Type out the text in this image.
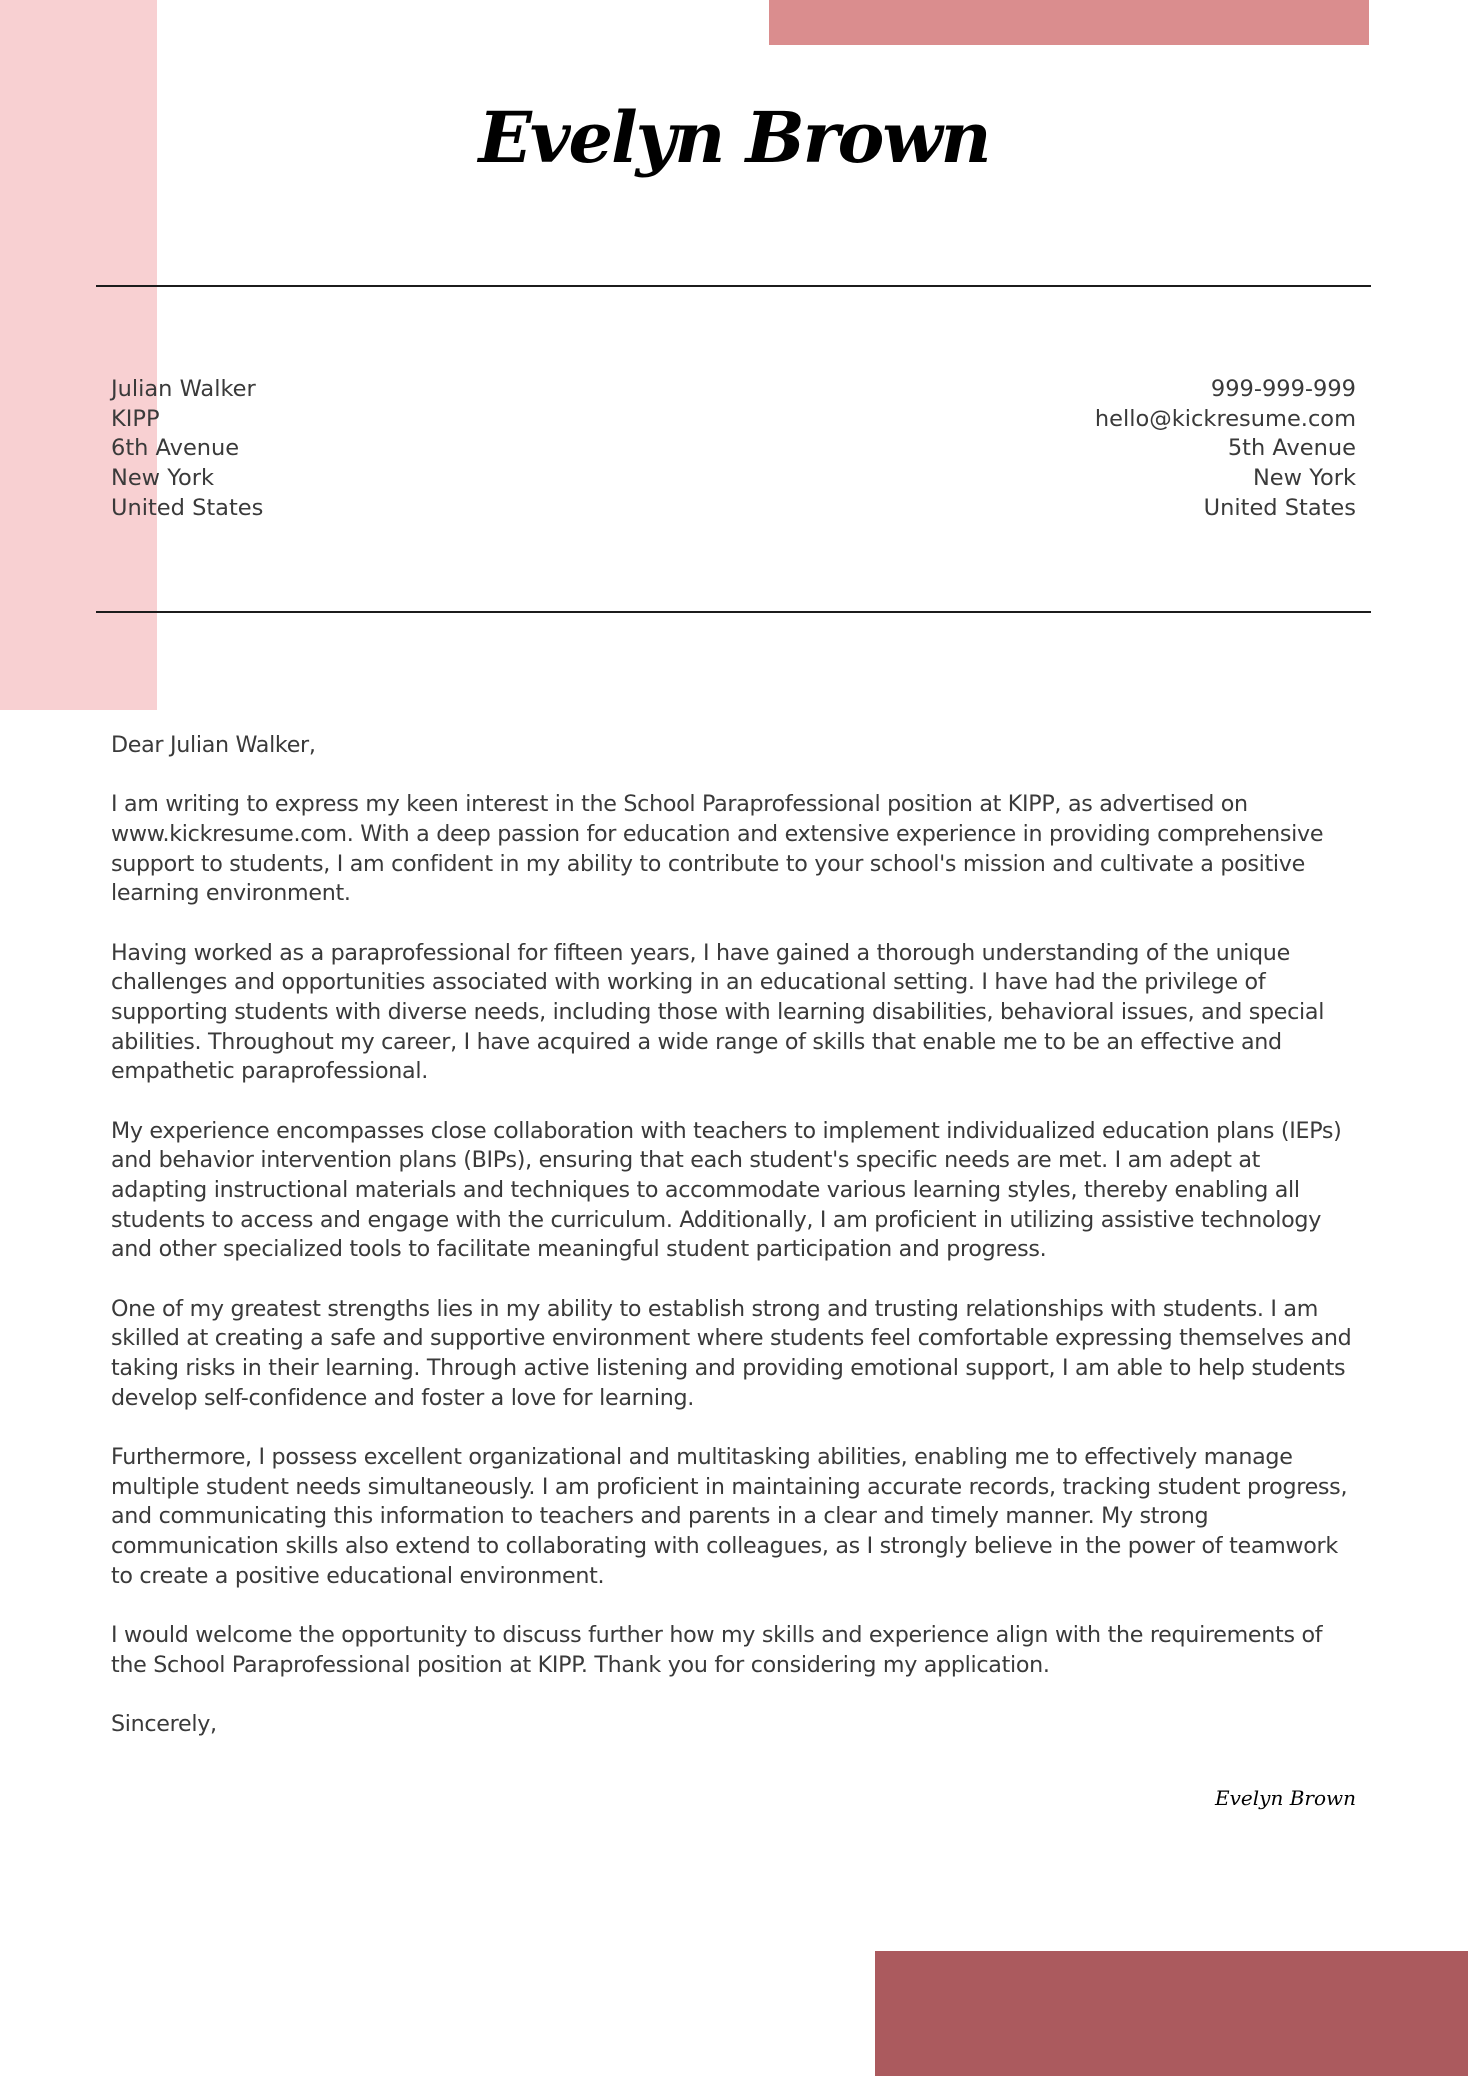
Evelyn Brown
Julian Walker
KIPP
6th Avenue
New York
United States
999-999-999
hello@kickresume.com
5th Avenue
New York
United States

Dear Julian Walker,

I am writing to express my keen interest in the School Paraprofessional position at KIPP, as advertised on www.kickresume.com. With a deep passion for education and extensive experience in providing comprehensive support to students, I am confident in my ability to contribute to your school's mission and cultivate a positive learning environment.

Having worked as a paraprofessional for fifteen years, I have gained a thorough understanding of the unique challenges and opportunities associated with working in an educational setting. I have had the privilege of supporting students with diverse needs, including those with learning disabilities, behavioral issues, and special abilities. Throughout my career, I have acquired a wide range of skills that enable me to be an effective and empathetic paraprofessional.

My experience encompasses close collaboration with teachers to implement individualized education plans (IEPs) and behavior intervention plans (BIPs), ensuring that each student's specific needs are met. I am adept at adapting instructional materials and techniques to accommodate various learning styles, thereby enabling all students to access and engage with the curriculum. Additionally, I am proficient in utilizing assistive technology and other specialized tools to facilitate meaningful student participation and progress.

One of my greatest strengths lies in my ability to establish strong and trusting relationships with students. I am skilled at creating a safe and supportive environment where students feel comfortable expressing themselves and taking risks in their learning. Through active listening and providing emotional support, I am able to help students develop self-confidence and foster a love for learning.

Furthermore, I possess excellent organizational and multitasking abilities, enabling me to effectively manage multiple student needs simultaneously. I am proficient in maintaining accurate records, tracking student progress, and communicating this information to teachers and parents in a clear and timely manner. My strong communication skills also extend to collaborating with colleagues, as I strongly believe in the power of teamwork to create a positive educational environment.

I would welcome the opportunity to discuss further how my skills and experience align with the requirements of the School Paraprofessional position at KIPP. Thank you for considering my application.

Sincerely,

Evelyn Brown
